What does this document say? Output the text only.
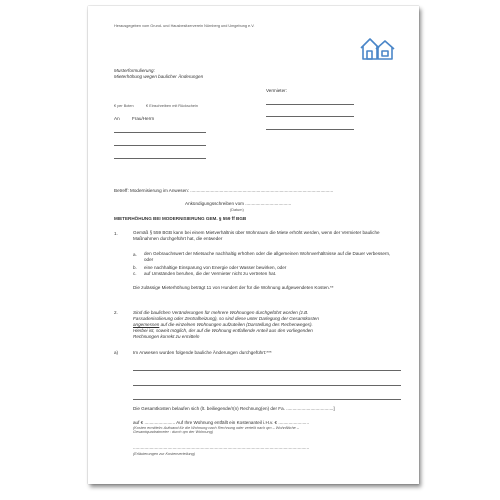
Herausgegeben vom Grund- und Hausbesitzerverein Nürnberg und Umgebung e.V.
Musterformulierung:
Mieterhöhung wegen baulicher Änderungen
Vermieter:
€ per Boten	€ Einschreiben mit Rückschein
An	Frau/Herrn
Betreff: Modernisierung im Anwesen: ................................................................................................................
Ankündigungsschreiben vom ....................................
(Datum)
MIETERHÖHUNG BEI MODERNISIERUNG GEM. § 559 ff BGB
1.	Gemäß § 559 BGB kann bei einem Mietverhältnis über Wohnraum die Miete erhöht werden, wenn der Vermieter bauliche Maßnahmen durchgeführt hat, die entweder
a. den Gebrauchswert der Mietsache nachhaltig erhöhen oder die allgemeinen Wohnverhältnisse auf die Dauer verbessern, oder
b. eine nachhaltige Einsparung von Energie oder Wasser bewirken, oder
c. auf Umständen beruhen, die der Vermieter nicht zu vertreten hat.
Die zulässige Mieterhöhung beträgt 11 von Hundert der für die Wohnung aufgewendeten Kosten.**
2.	Sind die baulichen Veränderungen für mehrere Wohnungen durchgeführt worden (z.B.
Fassadenisolierung oder Zentralheizung), so sind diese unter Darlegung der Gesamtkosten
angemessen auf die einzelnen Wohnungen aufzuteilen (Darstellung des Rechenweges).
Hierbei ist, soweit möglich, der auf die Wohnung entfallende Anteil aus den vorliegenden
Rechnungen korrekt zu ermitteln
a)	Im Anwesen wurden folgende bauliche Änderungen durchgeführt:***
Die Gesamtkosten belaufen sich (lt. beiliegende/r(n) Rechnung(en) der Fa. .....................................]
auf € ........................ Auf Ihre Wohnung entfällt ein Kostenanteil i.H.v. € ........................
(Kosten ermitteln: Aufwand für die Wohnung nach Rechnung oder verteilt nach qm – Wohnfläche –
Gesamtquadratmeter : durch qm der Wohnung)
..........................................................................................................................................
(Erläuterungen zur Kostenverteilung)
